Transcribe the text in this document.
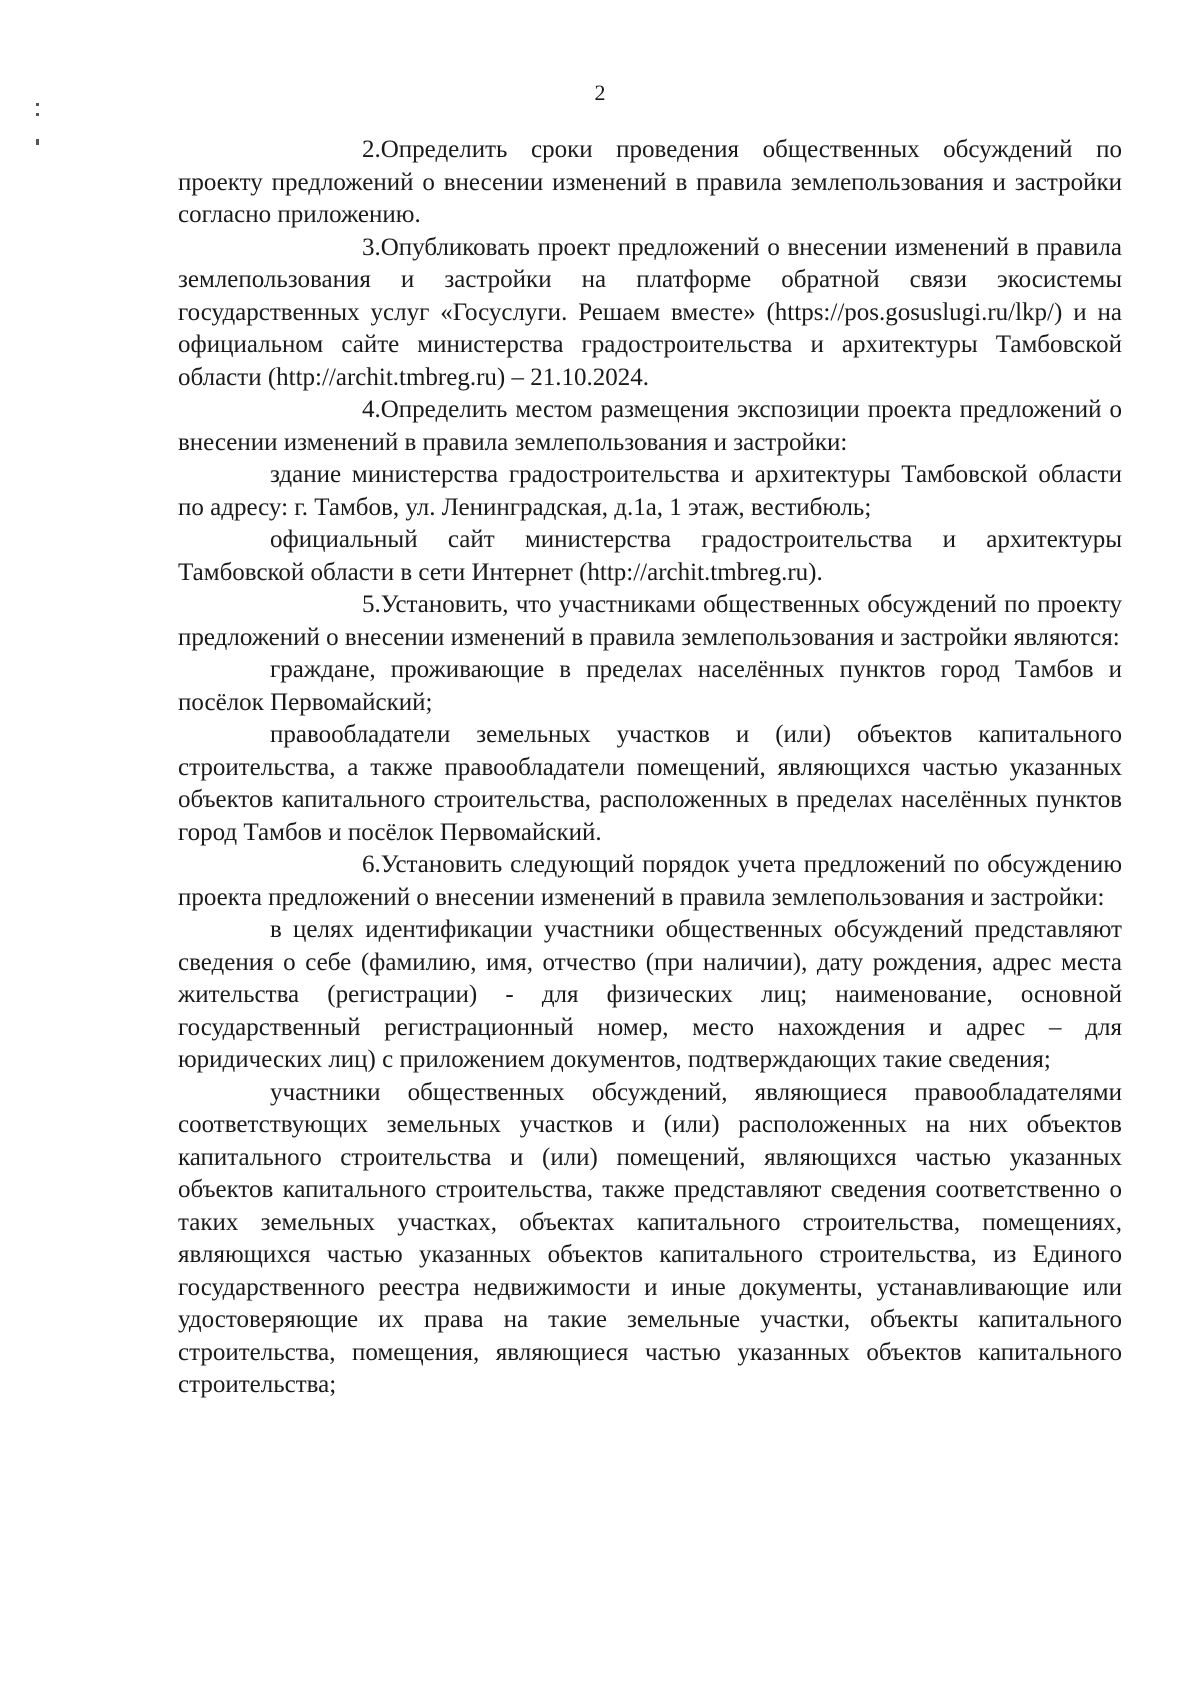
2

2.Определить сроки проведения общественных обсуждений по проекту предложений о внесении изменений в правила землепользования и застройки согласно приложению.

3.Опубликовать проект предложений о внесении изменений в правила землепользования и застройки на платформе обратной связи экосистемы государственных услуг «Госуслуги. Решаем вместе» (https://pos.gosuslugi.ru/lkp/) и на официальном сайте министерства градостроительства и архитектуры Тамбовской области (http://archit.tmbreg.ru) – 21.10.2024.

4.Определить местом размещения экспозиции проекта предложений о внесении изменений в правила землепользования и застройки:

здание министерства градостроительства и архитектуры Тамбовской области по адресу: г. Тамбов, ул. Ленинградская, д.1а, 1 этаж, вестибюль;

официальный сайт министерства градостроительства и архитектуры Тамбовской области в сети Интернет (http://archit.tmbreg.ru).

5.Установить, что участниками общественных обсуждений по проекту предложений о внесении изменений в правила землепользования и застройки являются:

граждане, проживающие в пределах населённых пунктов город Тамбов и посёлок Первомайский;

правообладатели земельных участков и (или) объектов капитального строительства, а также правообладатели помещений, являющихся частью указанных объектов капитального строительства, расположенных в пределах населённых пунктов город Тамбов и посёлок Первомайский.

6.Установить следующий порядок учета предложений по обсуждению проекта предложений о внесении изменений в правила землепользования и застройки:

в целях идентификации участники общественных обсуждений представляют сведения о себе (фамилию, имя, отчество (при наличии), дату рождения, адрес места жительства (регистрации) - для физических лиц; наименование, основной государственный регистрационный номер, место нахождения и адрес – для юридических лиц) с приложением документов, подтверждающих такие сведения;

участники общественных обсуждений, являющиеся правообладателями соответствующих земельных участков и (или) расположенных на них объектов капитального строительства и (или) помещений, являющихся частью указанных объектов капитального строительства, также представляют сведения соответственно о таких земельных участках, объектах капитального строительства, помещениях, являющихся частью указанных объектов капитального строительства, из Единого государственного реестра недвижимости и иные документы, устанавливающие или удостоверяющие их права на такие земельные участки, объекты капитального строительства, помещения, являющиеся частью указанных объектов капитального строительства;
